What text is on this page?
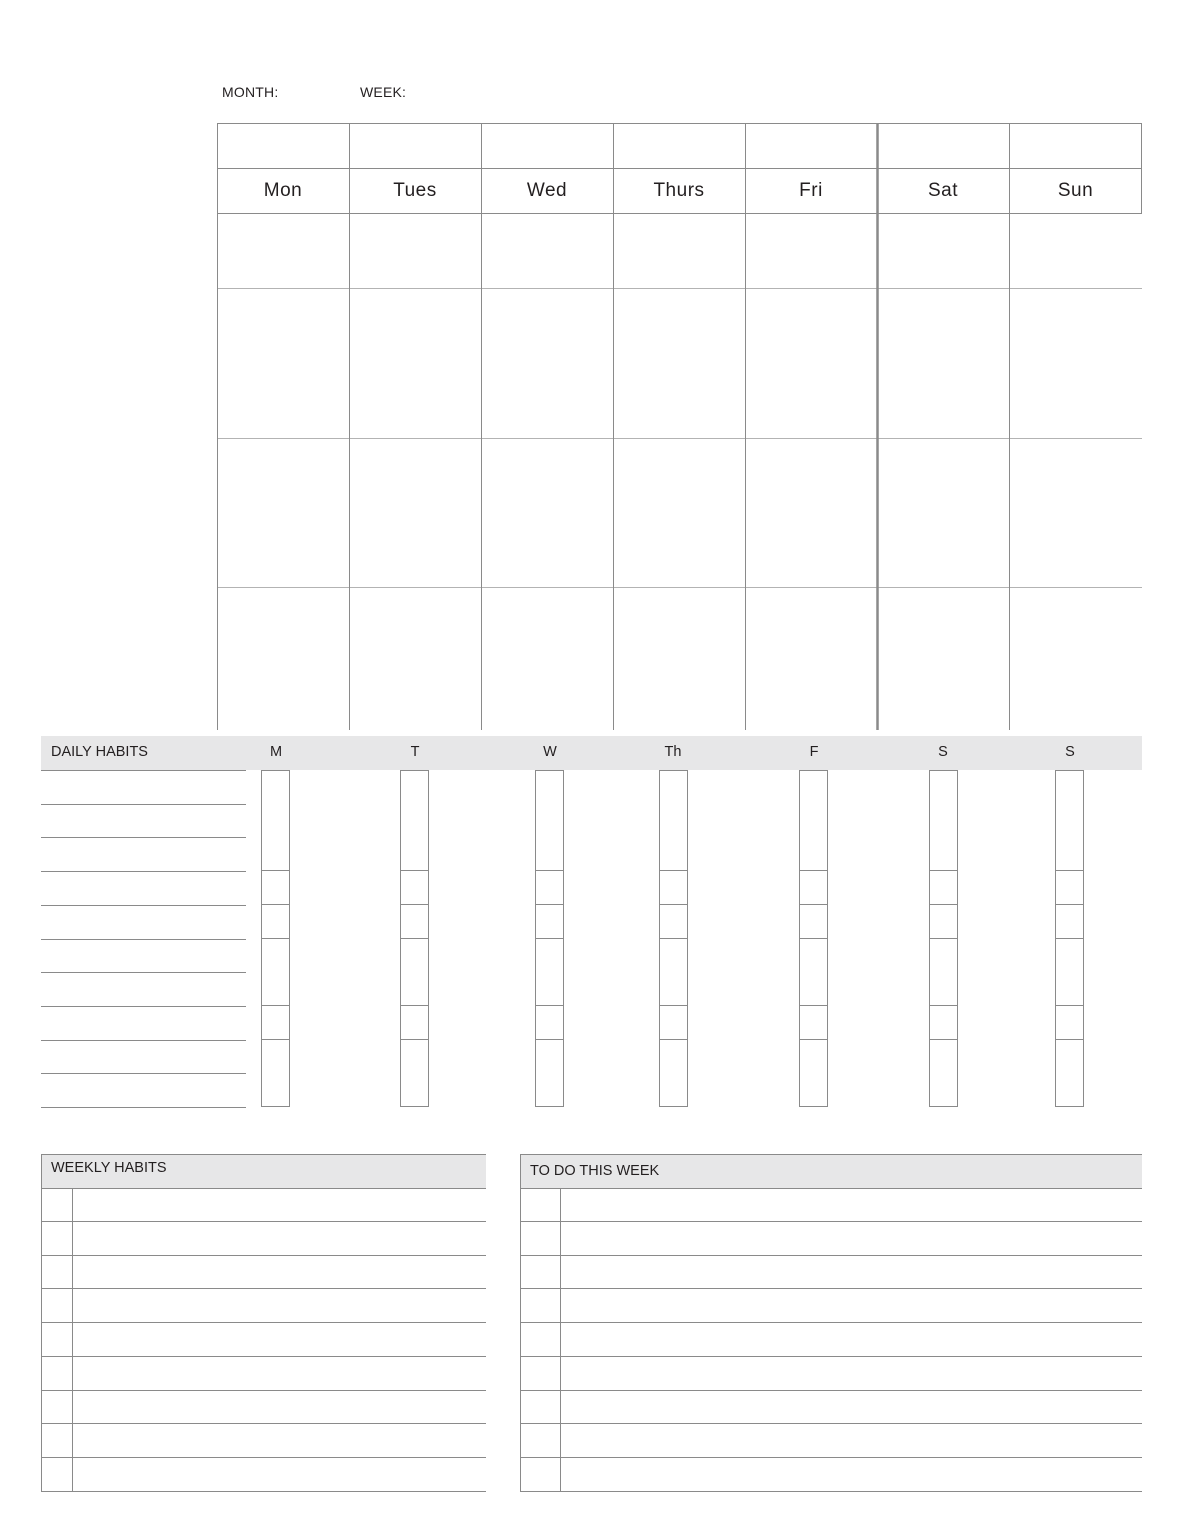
MONTH:	WEEK:
Mon	Tues	Wed	Thurs	Fri	Sat	Sun
DAILY HABITS	M	T	W	Th	F	S	S
WEEKLY HABITS	TO DO THIS WEEK
